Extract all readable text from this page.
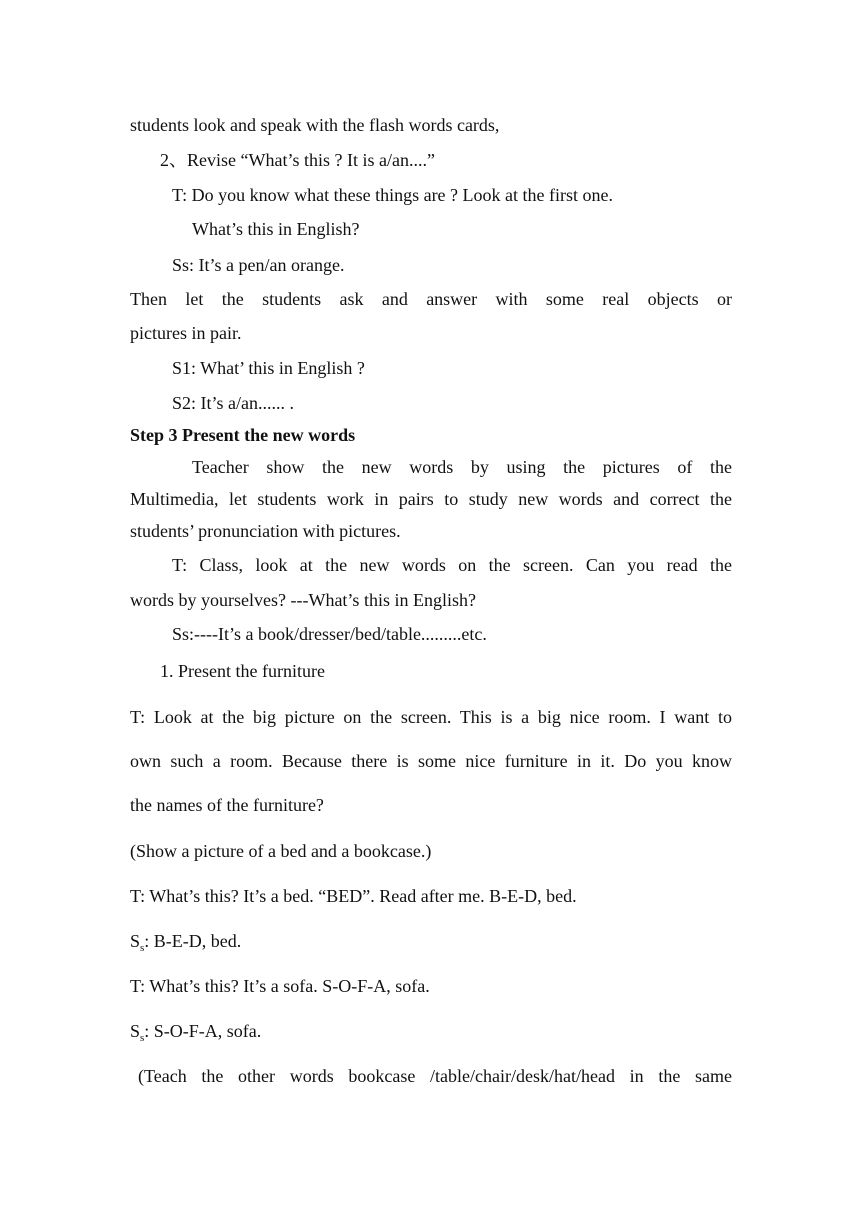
students look and speak with the flash words cards,
2、Revise “What’s this ? It is a/an....”
T: Do you know what these things are ? Look at the first one.
What’s this in English?
Ss: It’s a pen/an orange.
Then let the students ask and answer with some real objects or
pictures in pair.
S1: What’ this in English ?
S2: It’s a/an...... .
Step 3 Present the new words
Teacher show the new words by using the pictures of the
Multimedia, let students work in pairs to study new words and correct the
students’ pronunciation with pictures.
T: Class, look at the new words on the screen. Can you read the
words by yourselves? ---What’s this in English?
Ss:----It’s a book/dresser/bed/table.........etc.
1. Present the furniture
T: Look at the big picture on the screen. This is a big nice room. I want to
own such a room. Because there is some nice furniture in it. Do you know
the names of the furniture?
(Show a picture of a bed and a bookcase.)
T: What’s this? It’s a bed. “BED”. Read after me. B-E-D, bed.
$S_s$: B-E-D, bed.
T: What’s this? It’s a sofa. S-O-F-A, sofa.
$S_s$: S-O-F-A, sofa.
(Teach the other words bookcase /table/chair/desk/hat/head in the same
